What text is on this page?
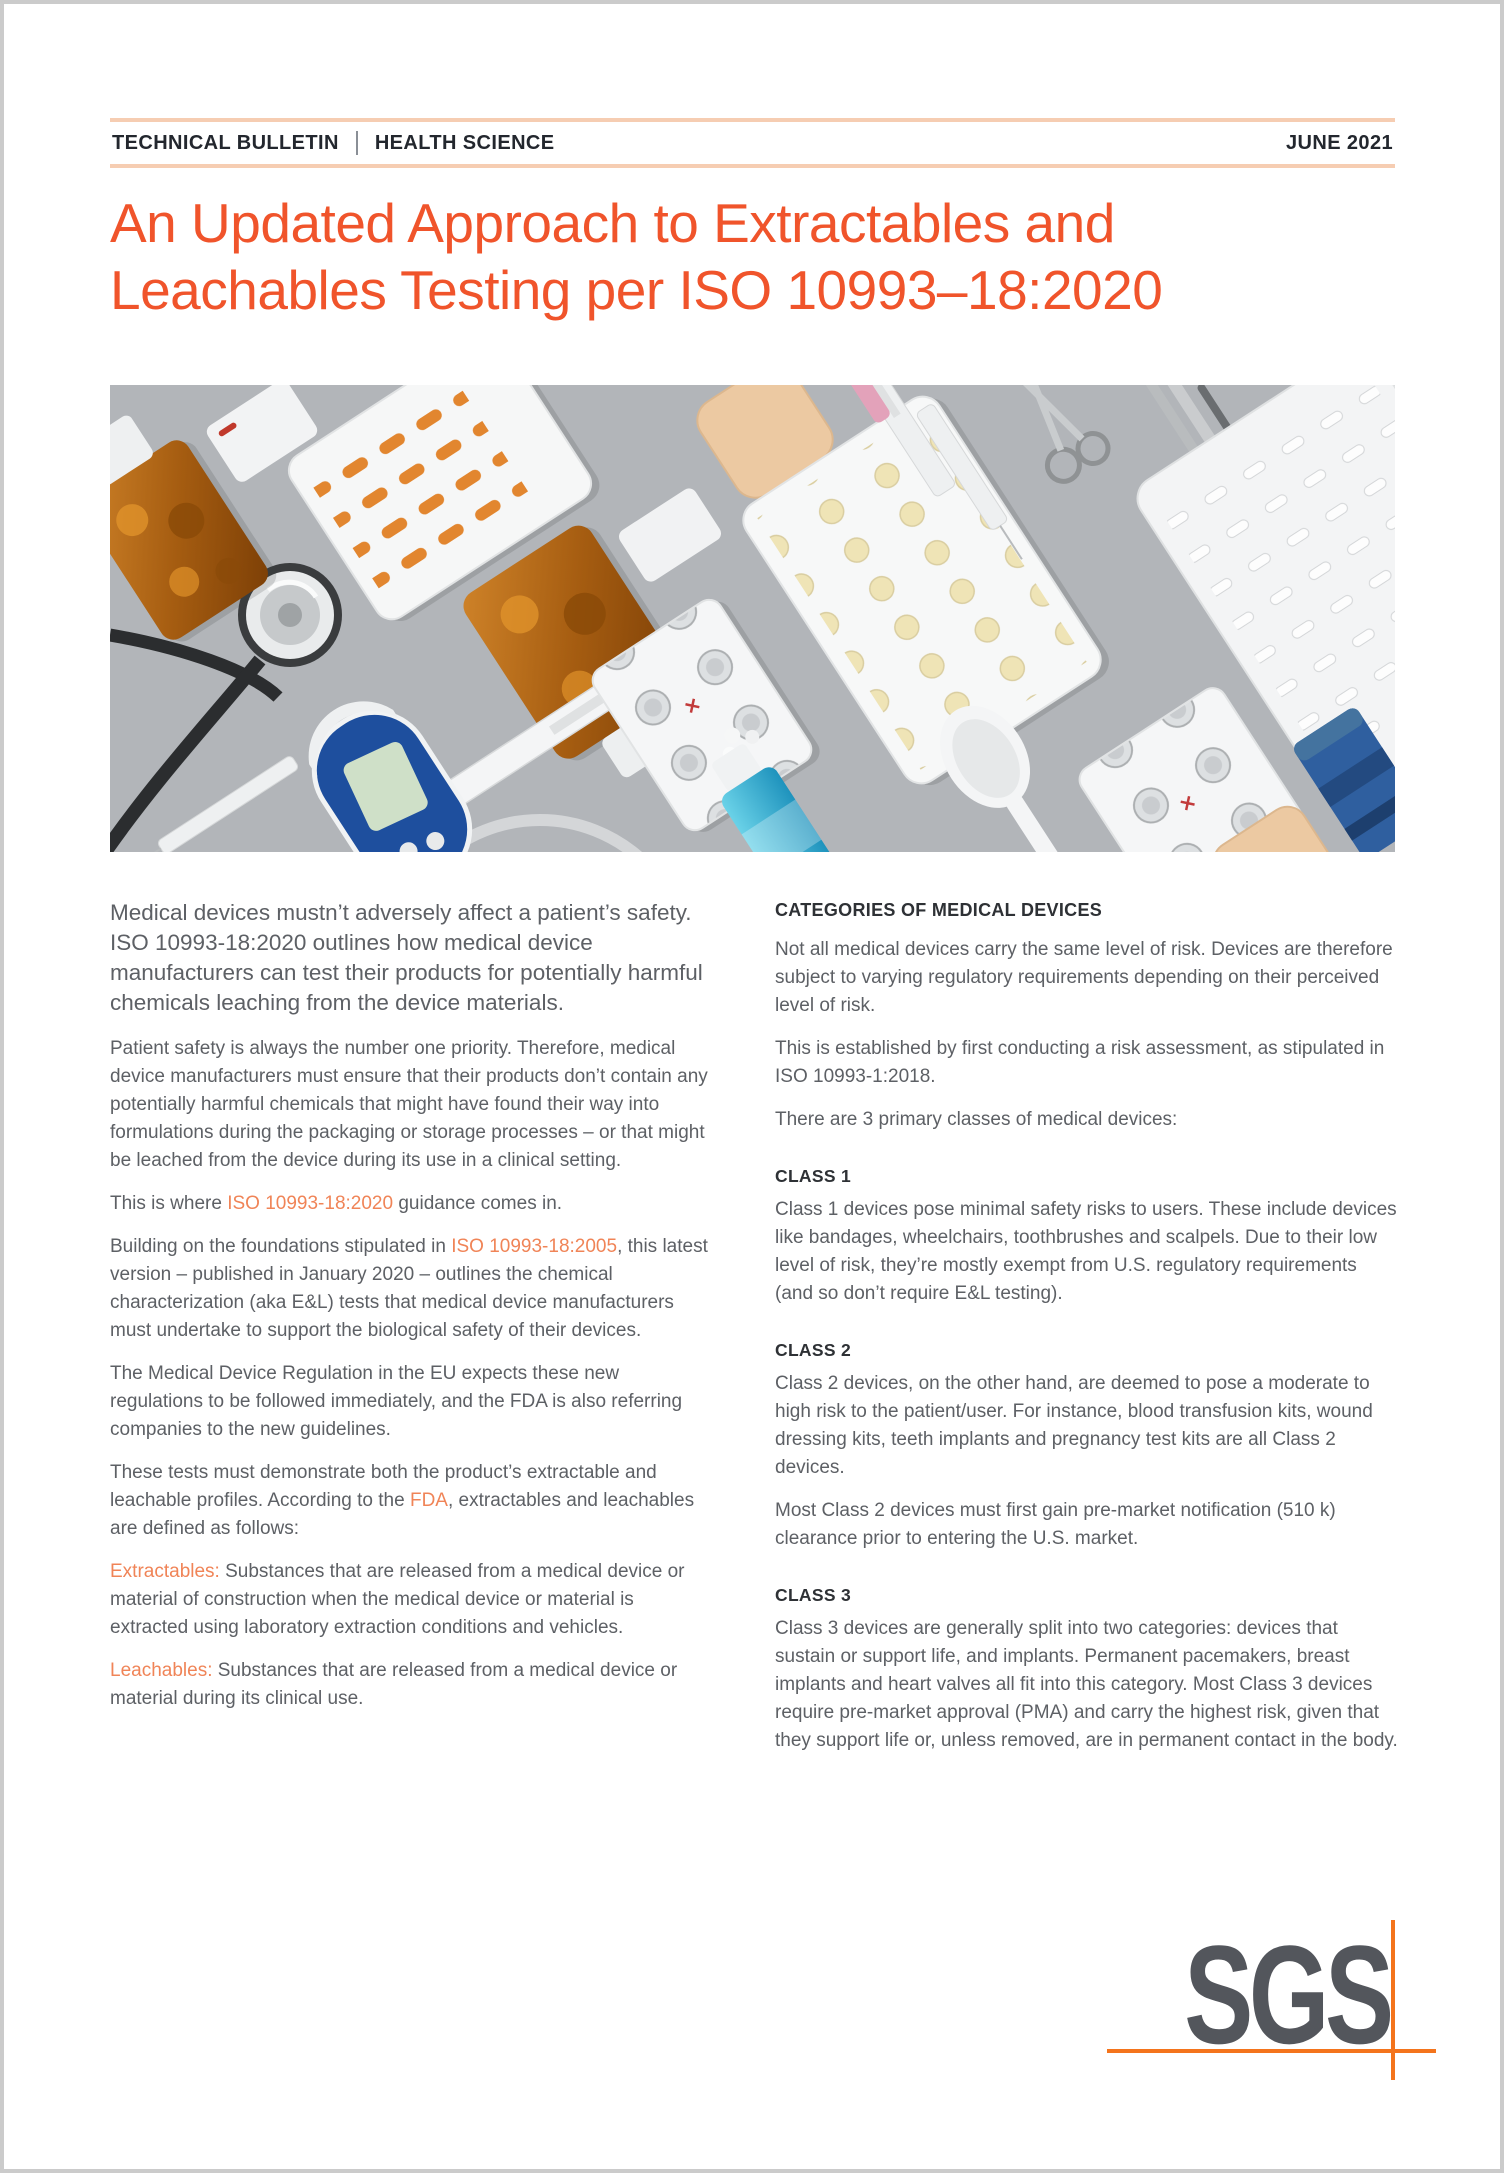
TECHNICAL BULLETIN HEALTH SCIENCE	JUNE 2021
An Updated Approach to Extractables and
Leachables Testing per ISO 10993–18:2020

Medical devices mustn’t adversely affect a patient’s safety. ISO 10993-18:2020 outlines how medical device manufacturers can test their products for potentially harmful chemicals leaching from the device materials.

Patient safety is always the number one priority. Therefore, medical device manufacturers must ensure that their products don’t contain any potentially harmful chemicals that might have found their way into formulations during the packaging or storage processes – or that might be leached from the device during its use in a clinical setting.

This is where ISO 10993-18:2020 guidance comes in.

Building on the foundations stipulated in ISO 10993-18:2005, this latest version – published in January 2020 – outlines the chemical characterization (aka E&L) tests that medical device manufacturers must undertake to support the biological safety of their devices.

The Medical Device Regulation in the EU expects these new regulations to be followed immediately, and the FDA is also referring companies to the new guidelines.

These tests must demonstrate both the product’s extractable and leachable profiles. According to the FDA, extractables and leachables are defined as follows:

Extractables: Substances that are released from a medical device or material of construction when the medical device or material is extracted using laboratory extraction conditions and vehicles.

Leachables: Substances that are released from a medical device or material during its clinical use.

CATEGORIES OF MEDICAL DEVICES

Not all medical devices carry the same level of risk. Devices are therefore subject to varying regulatory requirements depending on their perceived level of risk.

This is established by first conducting a risk assessment, as stipulated in ISO 10993-1:2018.

There are 3 primary classes of medical devices:

CLASS 1

Class 1 devices pose minimal safety risks to users. These include devices like bandages, wheelchairs, toothbrushes and scalpels. Due to their low level of risk, they’re mostly exempt from U.S. regulatory requirements (and so don’t require E&L testing).

CLASS 2

Class 2 devices, on the other hand, are deemed to pose a moderate to high risk to the patient/user. For instance, blood transfusion kits, wound dressing kits, teeth implants and pregnancy test kits are all Class 2 devices.

Most Class 2 devices must first gain pre-market notification (510 k) clearance prior to entering the U.S. market.

CLASS 3

Class 3 devices are generally split into two categories: devices that sustain or support life, and implants. Permanent pacemakers, breast implants and heart valves all fit into this category. Most Class 3 devices require pre-market approval (PMA) and carry the highest risk, given that they support life or, unless removed, are in permanent contact in the body.

SGS
